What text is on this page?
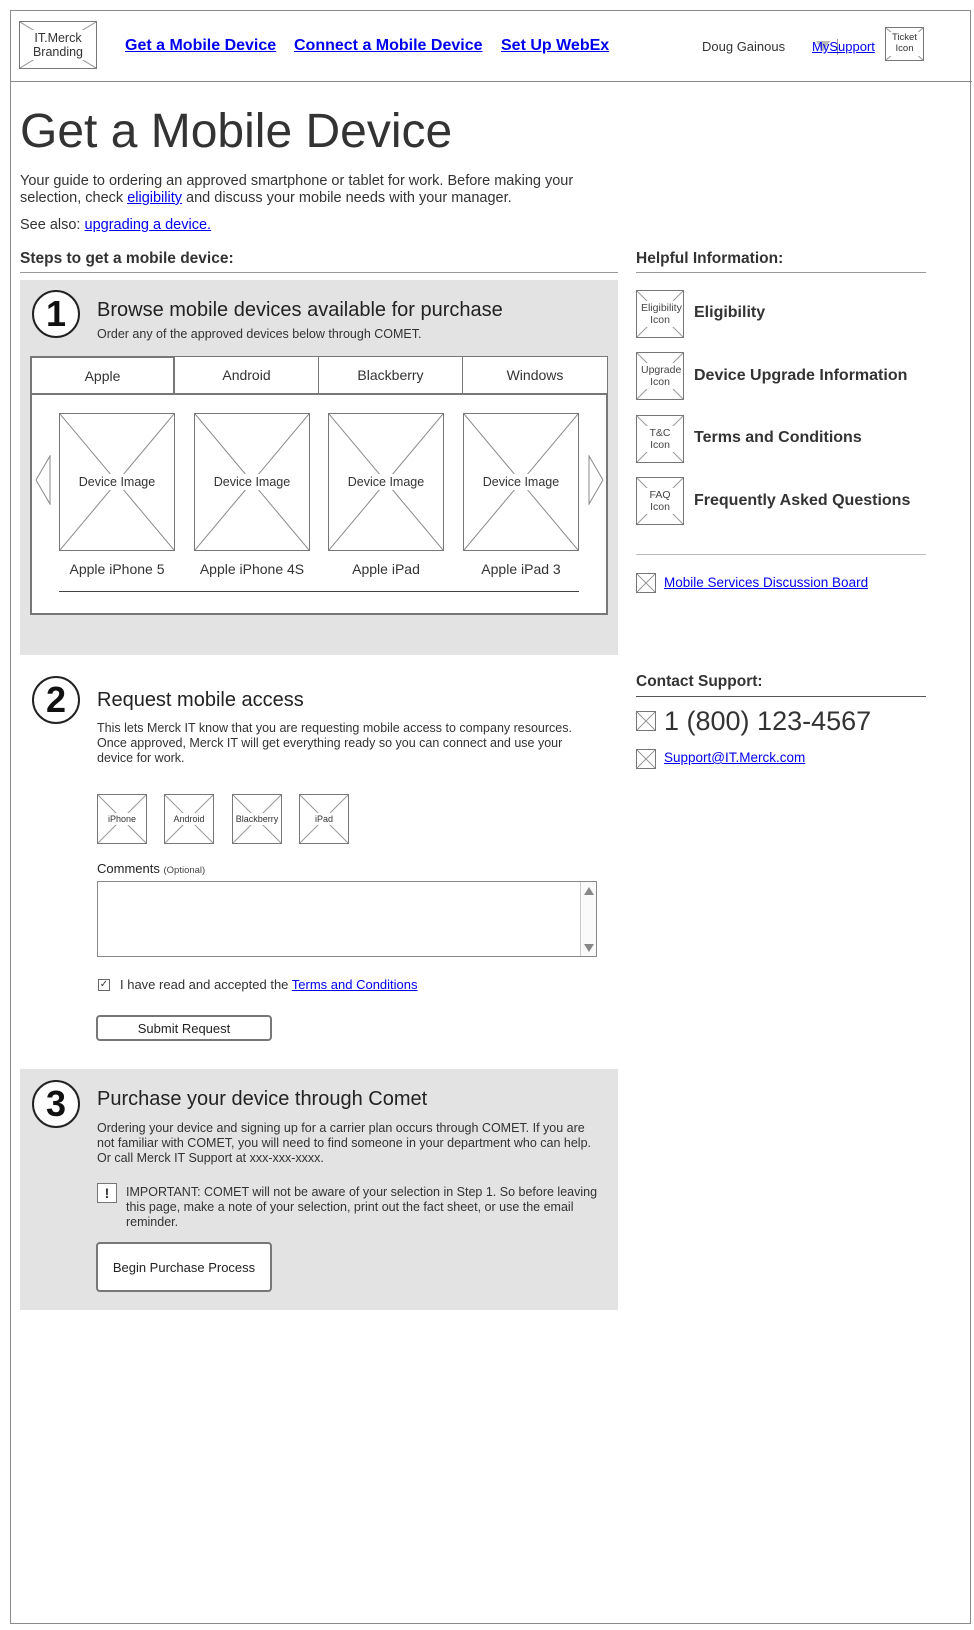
IT.Merck Branding	Get a Mobile Device Connect a Mobile Device Set Up WebEx	Doug Gainous MySupport
Ticket Icon
Get a Mobile Device
Your guide to ordering an approved smartphone or tablet for work. Before making your selection, check eligibility and discuss your mobile needs with your manager.
See also: upgrading a device.
Steps to get a mobile device:
1	Browse mobile devices available for purchase
Order any of the approved devices below through COMET.
Apple	Android	Blackberry	Windows
Device Image
Apple iPhone 5
Device Image
Apple iPhone 4S
Device Image
Apple iPad
Device Image
Apple iPad 3
2	Request mobile access
This lets Merck IT know that you are requesting mobile access to company resources. Once approved, Merck IT will get everything ready so you can connect and use your device for work.
iPhone	Android	Blackberry	iPad
Comments (Optional)
✓ I have read and accepted the Terms and Conditions
Submit Request
3	Purchase your device through Comet
Ordering your device and signing up for a carrier plan occurs through COMET. If you are not familiar with COMET, you will need to find someone in your department who can help. Or call Merck IT Support at xxx-xxx-xxxx.
!	IMPORTANT: COMET will not be aware of your selection in Step 1. So before leaving this page, make a note of your selection, print out the fact sheet, or use the email reminder.
Begin Purchase Process
Helpful Information:
Eligibility Icon	Eligibility
Upgrade Icon	Device Upgrade Information
T&C Icon	Terms and Conditions
FAQ Icon	Frequently Asked Questions
Mobile Services Discussion Board
Contact Support:
1 (800) 123-4567
Support@IT.Merck.com
